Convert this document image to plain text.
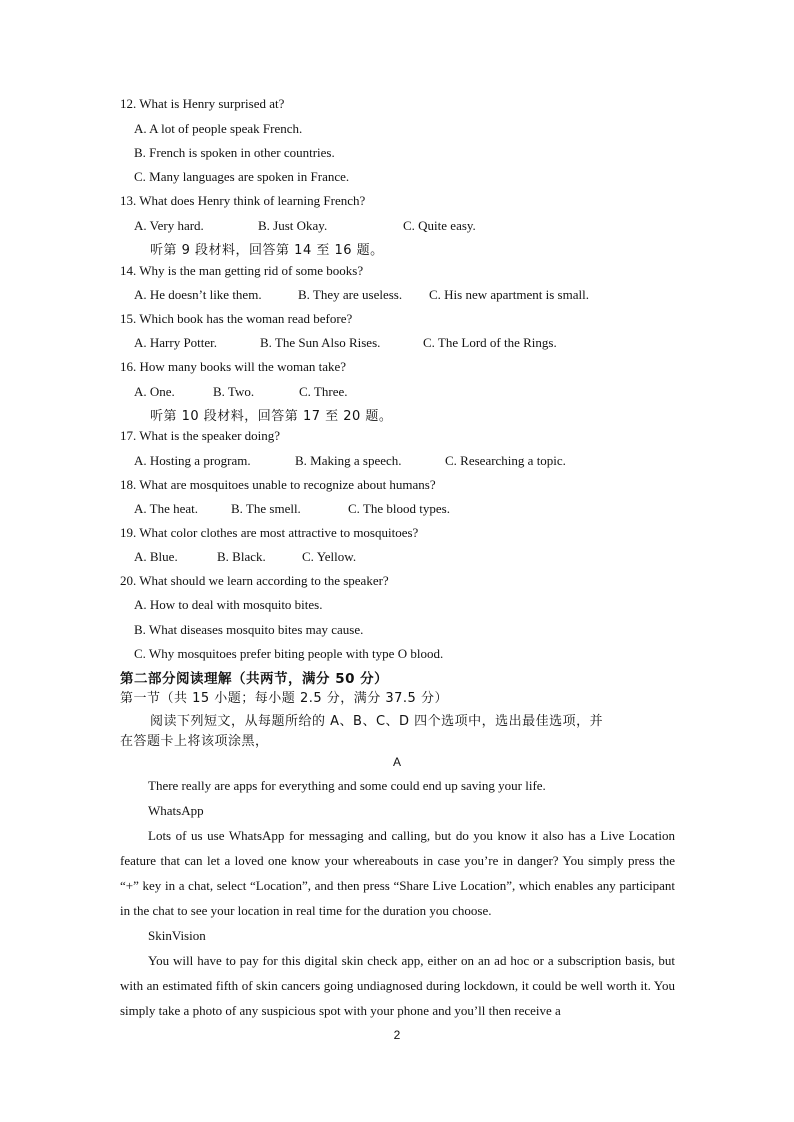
12. What is Henry surprised at?
A. A lot of people speak French.
B. French is spoken in other countries.
C. Many languages are spoken in France.
13. What does Henry think of learning French?
A. Very hard.	B. Just Okay.	C. Quite easy.
听第 9 段材料，回答第 14 至 16 题。
14. Why is the man getting rid of some books?
A. He doesn’t like them.	B. They are useless. C. His new apartment is small.
15. Which book has the woman read before?
A. Harry Potter.	B. The Sun Also Rises.	C. The Lord of the Rings.
16. How many books will the woman take?
A. One.	B. Two.	C. Three.
听第 10 段材料，回答第 17 至 20 题。
17. What is the speaker doing?
A. Hosting a program.	B. Making a speech.	C. Researching a topic.
18. What are mosquitoes unable to recognize about humans?
A. The heat.	B. The smell.	C. The blood types.
19. What color clothes are most attractive to mosquitoes?
A. Blue.	B. Black.	C. Yellow.
20. What should we learn according to the speaker?
A. How to deal with mosquito bites.
B. What diseases mosquito bites may cause.
C. Why mosquitoes prefer biting people with type O blood.
第二部分阅读理解（共两节，满分 50 分）
第一节（共 15 小题；每小题 2.5 分，满分 37.5 分）
阅读下列短文，从每题所给的 A、B、C、D 四个选项中，选出最佳选项，并
在答题卡上将该项涂黑，
A
There really are apps for everything and some could end up saving your life.
WhatsApp
Lots of us use WhatsApp for messaging and calling, but do you know it also has a Live Location feature that can let a loved one know your whereabouts in case you’re in danger? You simply press the “+” key in a chat, select “Location”, and then press “Share Live Location”, which enables any participant in the chat to see your location in real time for the duration you choose.
SkinVision
You will have to pay for this digital skin check app, either on an ad hoc or a subscription basis, but with an estimated fifth of skin cancers going undiagnosed during lockdown, it could be well worth it. You simply take a photo of any suspicious spot with your phone and you’ll then receive a
2
